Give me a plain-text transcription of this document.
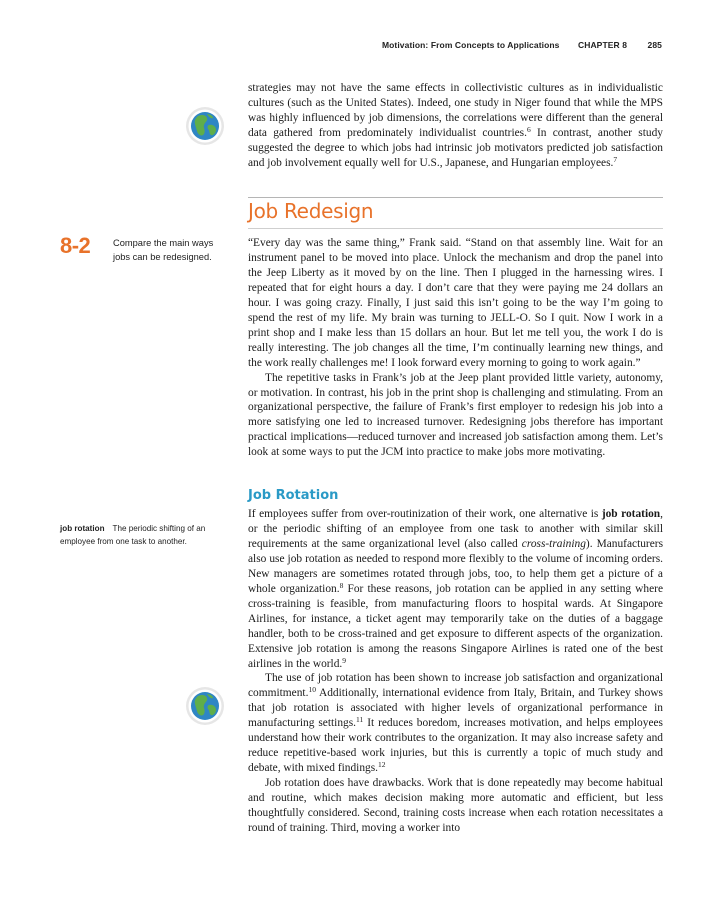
Motivation: From Concepts to Applications CHAPTER 8 285

strategies may not have the same effects in collectivistic cultures as in individualistic cultures (such as the United States). Indeed, one study in Niger found that while the MPS was highly influenced by job dimensions, the correlations were different than the general data gathered from predominately individualist countries.$^6$ In contrast, another study suggested the degree to which jobs had intrinsic job motivators predicted job satisfaction and job involvement equally well for U.S., Japanese, and Hungarian employees.$^7$

Job Redesign
8-2 Compare the main ways jobs can be redesigned.

“Every day was the same thing,” Frank said. “Stand on that assembly line. Wait for an instrument panel to be moved into place. Unlock the mechanism and drop the panel into the Jeep Liberty as it moved by on the line. Then I plugged in the harnessing wires. I repeated that for eight hours a day. I don’t care that they were paying me 24 dollars an hour. I was going crazy. Finally, I just said this isn’t going to be the way I’m going to spend the rest of my life. My brain was turning to JELL-O. So I quit. Now I work in a print shop and I make less than 15 dollars an hour. But let me tell you, the work I do is really interesting. The job changes all the time, I’m continually learning new things, and the work really challenges me! I look forward every morning to going to work again.”

The repetitive tasks in Frank’s job at the Jeep plant provided little variety, autonomy, or motivation. In contrast, his job in the print shop is challenging and stimulating. From an organizational perspective, the failure of Frank’s first employer to redesign his job into a more satisfying one led to increased turnover. Redesigning jobs therefore has important practical implications—reduced turnover and increased job satisfaction among them. Let’s look at some ways to put the JCM into practice to make jobs more motivating.

Job Rotation
job rotation The periodic shifting of an employee from one task to another.

If employees suffer from over-routinization of their work, one alternative is job rotation, or the periodic shifting of an employee from one task to another with similar skill requirements at the same organizational level (also called cross-training). Manufacturers also use job rotation as needed to respond more flexibly to the volume of incoming orders. New managers are sometimes rotated through jobs, too, to help them get a picture of a whole organization.$^8$ For these reasons, job rotation can be applied in any setting where cross-training is feasible, from manufacturing floors to hospital wards. At Singapore Airlines, for instance, a ticket agent may temporarily take on the duties of a baggage handler, both to be cross-trained and get exposure to different aspects of the organization. Extensive job rotation is among the reasons Singapore Airlines is rated one of the best airlines in the world.$^9$

The use of job rotation has been shown to increase job satisfaction and organizational commitment.$^{10}$ Additionally, international evidence from Italy, Britain, and Turkey shows that job rotation is associated with higher levels of organizational performance in manufacturing settings.$^{11}$ It reduces boredom, increases motivation, and helps employees understand how their work contributes to the organization. It may also increase safety and reduce repetitive-based work injuries, but this is currently a topic of much study and debate, with mixed findings.$^{12}$

Job rotation does have drawbacks. Work that is done repeatedly may become habitual and routine, which makes decision making more automatic and efficient, but less thoughtfully considered. Second, training costs increase when each rotation necessitates a round of training. Third, moving a worker into
